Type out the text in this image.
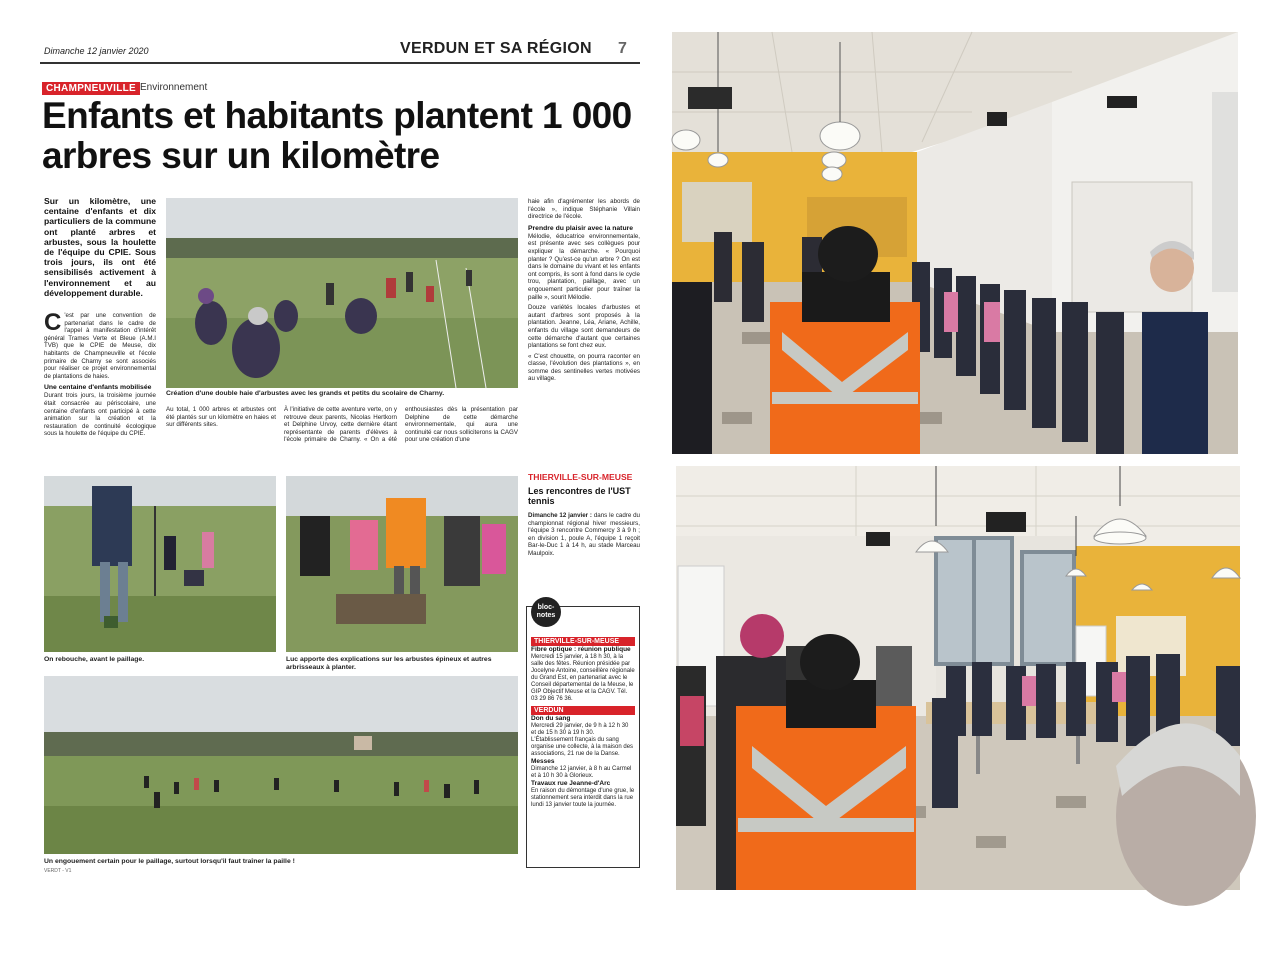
Dimanche 12 janvier 2020	VERDUN ET SA RÉGION 7
CHAMPNEUVILLE Environnement
Enfants et habitants plantent 1 000 arbres sur un kilomètre
Sur un kilomètre, une centaine d'enfants et dix particuliers de la commune ont planté arbres et arbustes, sous la houlette de l'équipe du CPIE. Sous trois jours, ils ont été sensibilisés activement à l'environnement et au développement durable.
C 'est par une convention de partenariat dans le cadre de l'appel à manifestation d'intérêt général Trames Verte et Bleue (A.M.I TVB) que le CPIE de Meuse, dix habitants de Champneuville et l'école primaire de Charny se sont associés pour réaliser ce projet environnemental de plantations de haies.
Une centaine d'enfants mobilisée
Durant trois jours, la troisième journée était consacrée au périscolaire, une centaine d'enfants ont participé à cette animation sur la création et la restauration de continuité écologique sous la houlette de l'équipe du CPIE.
Création d'une double haie d'arbustes avec les grands et petits du scolaire de Charny.
haie afin d'agrémenter les abords de l'école », indique Stéphanie Villain directrice de l'école.
Prendre du plaisir avec la nature
Mélodie, éducatrice environnementale, est présente avec ses collègues pour expliquer la démarche. « Pourquoi planter ? Qu'est-ce qu'un arbre ? On est dans le domaine du vivant et les enfants ont compris, ils sont à fond dans le cycle trou, plantation, paillage, avec un engouement particulier pour traîner la paille », sourit Mélodie.
Douze variétés locales d'arbustes et autant d'arbres sont proposés à la plantation. Jeanne, Léa, Ariane, Achille, enfants du village sont demandeurs de cette démarche d'autant que certaines plantations se font chez eux.
« C'est chouette, on pourra raconter en classe, l'évolution des plantations », en somme des sentinelles vertes motivées au village.
Au total, 1 000 arbres et arbustes ont été plantés sur un kilomètre en haies et sur différents sites.
À l'initiative de cette aventure verte, on y retrouve deux parents, Nicolas Hertkorn et Delphine Urvoy, cette dernière étant représentante de parents d'élèves à l'école primaire de Charny. « On a été enthousiastes dès la présentation par Delphine de cette démarche environnementale, qui aura une continuité car nous solliciterons la CAGV pour une création d'une
THIERVILLE-SUR-MEUSE
Les rencontres de l'UST tennis
Dimanche 12 janvier : dans le cadre du championnat régional hiver messieurs, l'équipe 3 rencontre Commercy 3 à 9 h ; en division 1, poule A, l'équipe 1 reçoit Bar-le-Duc 1 à 14 h, au stade Marceau Maulpoix.
On rebouche, avant le paillage.	Luc apporte des explications sur les arbustes épineux et autres arbrisseaux à planter.
Un engouement certain pour le paillage, surtout lorsqu'il faut traîner la paille !
bloc-notes
THIERVILLE-SUR-MEUSE
Fibre optique : réunion publique
Mercredi 15 janvier, à 18 h 30, à la salle des fêtes. Réunion présidée par Jocelyne Antoine, conseillère régionale du Grand Est, en partenariat avec le Conseil départemental de la Meuse, le GIP Objectif Meuse et la CAGV. Tél. 03 29 86 76 36.
VERDUN
Don du sang
Mercredi 29 janvier, de 9 h à 12 h 30 et de 15 h 30 à 19 h 30. L'Établissement français du sang organise une collecte, à la maison des associations, 21 rue de la Danse.
Messes
Dimanche 12 janvier, à 8 h au Carmel et à 10 h 30 à Glorieux.
Travaux rue Jeanne-d'Arc
En raison du démontage d'une grue, le stationnement sera interdit dans la rue lundi 13 janvier toute la journée.
VERDT - V1
